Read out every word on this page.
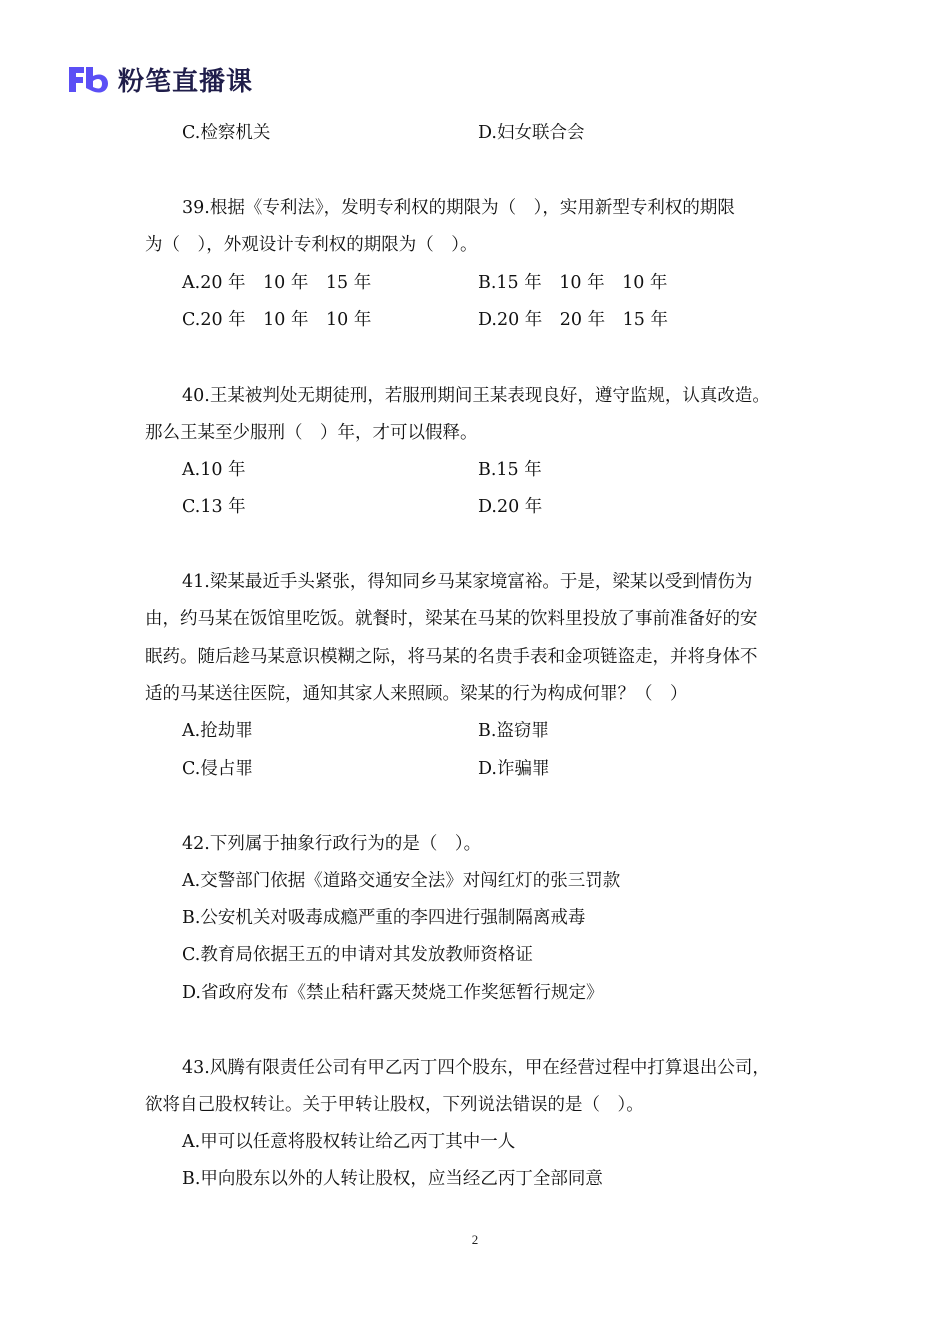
粉笔直播课
C.检察机关	D.妇女联合会
39.根据《专利法》，发明专利权的期限为（　），实用新型专利权的期限
为（　），外观设计专利权的期限为（　）。
A.20 年　10 年　15 年	B.15 年　10 年　10 年
C.20 年　10 年　10 年	D.20 年　20 年　15 年
40.王某被判处无期徒刑，若服刑期间王某表现良好，遵守监规，认真改造。
那么王某至少服刑（　）年，才可以假释。
A.10 年	B.15 年
C.13 年	D.20 年
41.梁某最近手头紧张，得知同乡马某家境富裕。于是，梁某以受到情伤为
由，约马某在饭馆里吃饭。就餐时，梁某在马某的饮料里投放了事前准备好的安
眠药。随后趁马某意识模糊之际，将马某的名贵手表和金项链盗走，并将身体不
适的马某送往医院，通知其家人来照顾。梁某的行为构成何罪？（　）
A.抢劫罪	B.盗窃罪
C.侵占罪	D.诈骗罪
42.下列属于抽象行政行为的是（　）。
A.交警部门依据《道路交通安全法》对闯红灯的张三罚款
B.公安机关对吸毒成瘾严重的李四进行强制隔离戒毒
C.教育局依据王五的申请对其发放教师资格证
D.省政府发布《禁止秸秆露天焚烧工作奖惩暂行规定》
43.风腾有限责任公司有甲乙丙丁四个股东，甲在经营过程中打算退出公司，
欲将自己股权转让。关于甲转让股权，下列说法错误的是（　）。
A.甲可以任意将股权转让给乙丙丁其中一人
B.甲向股东以外的人转让股权，应当经乙丙丁全部同意
2
